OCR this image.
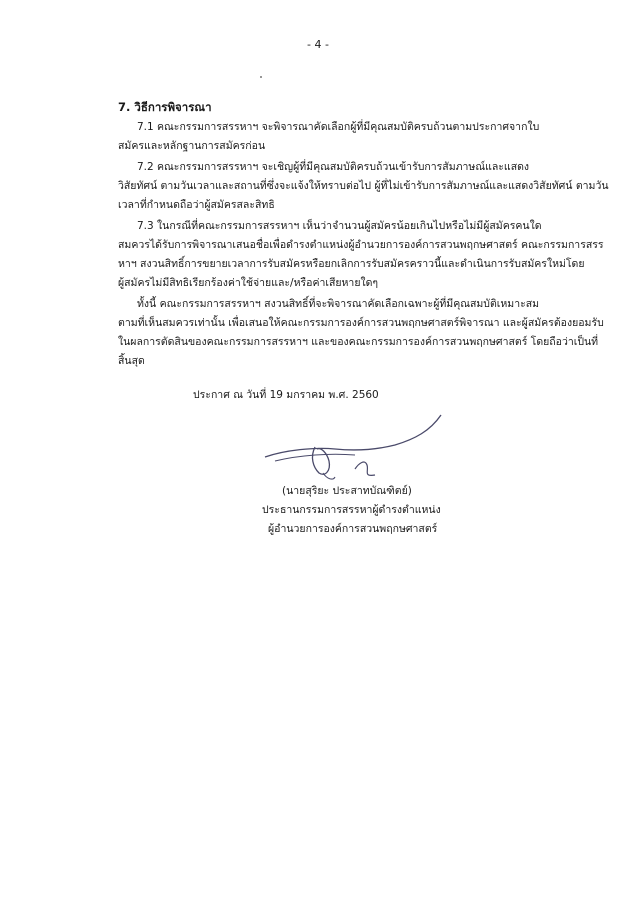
- 4 -
7. วิธีการพิจารณา
7.1 คณะกรรมการสรรหาฯ จะพิจารณาคัดเลือกผู้ที่มีคุณสมบัติครบถ้วนตามประกาศจากใบ
สมัครและหลักฐานการสมัครก่อน
7.2 คณะกรรมการสรรหาฯ จะเชิญผู้ที่มีคุณสมบัติครบถ้วนเข้ารับการสัมภาษณ์และแสดง
วิสัยทัศน์ ตามวันเวลาและสถานที่ซึ่งจะแจ้งให้ทราบต่อไป ผู้ที่ไม่เข้ารับการสัมภาษณ์และแสดงวิสัยทัศน์ ตามวัน
เวลาที่กำหนดถือว่าผู้สมัครสละสิทธิ
7.3 ในกรณีที่คณะกรรมการสรรหาฯ เห็นว่าจำนวนผู้สมัครน้อยเกินไปหรือไม่มีผู้สมัครคนใด
สมควรได้รับการพิจารณาเสนอชื่อเพื่อดำรงตำแหน่งผู้อำนวยการองค์การสวนพฤกษศาสตร์ คณะกรรมการสรร
หาฯ สงวนสิทธิ์การขยายเวลาการรับสมัครหรือยกเลิกการรับสมัครคราวนี้และดำเนินการรับสมัครใหม่โดย
ผู้สมัครไม่มีสิทธิเรียกร้องค่าใช้จ่ายและ/หรือค่าเสียหายใดๆ
ทั้งนี้ คณะกรรมการสรรหาฯ สงวนสิทธิ์ที่จะพิจารณาคัดเลือกเฉพาะผู้ที่มีคุณสมบัติเหมาะสม
ตามที่เห็นสมควรเท่านั้น เพื่อเสนอให้คณะกรรมการองค์การสวนพฤกษศาสตร์พิจารณา และผู้สมัครต้องยอมรับ
ในผลการตัดสินของคณะกรรมการสรรหาฯ และของคณะกรรมการองค์การสวนพฤกษศาสตร์ โดยถือว่าเป็นที่
สิ้นสุด
ประกาศ ณ วันที่ 19 มกราคม พ.ศ. 2560
(นายสุริยะ ประสาทบัณฑิตย์)
ประธานกรรมการสรรหาผู้ดำรงตำแหน่ง
ผู้อำนวยการองค์การสวนพฤกษศาสตร์
